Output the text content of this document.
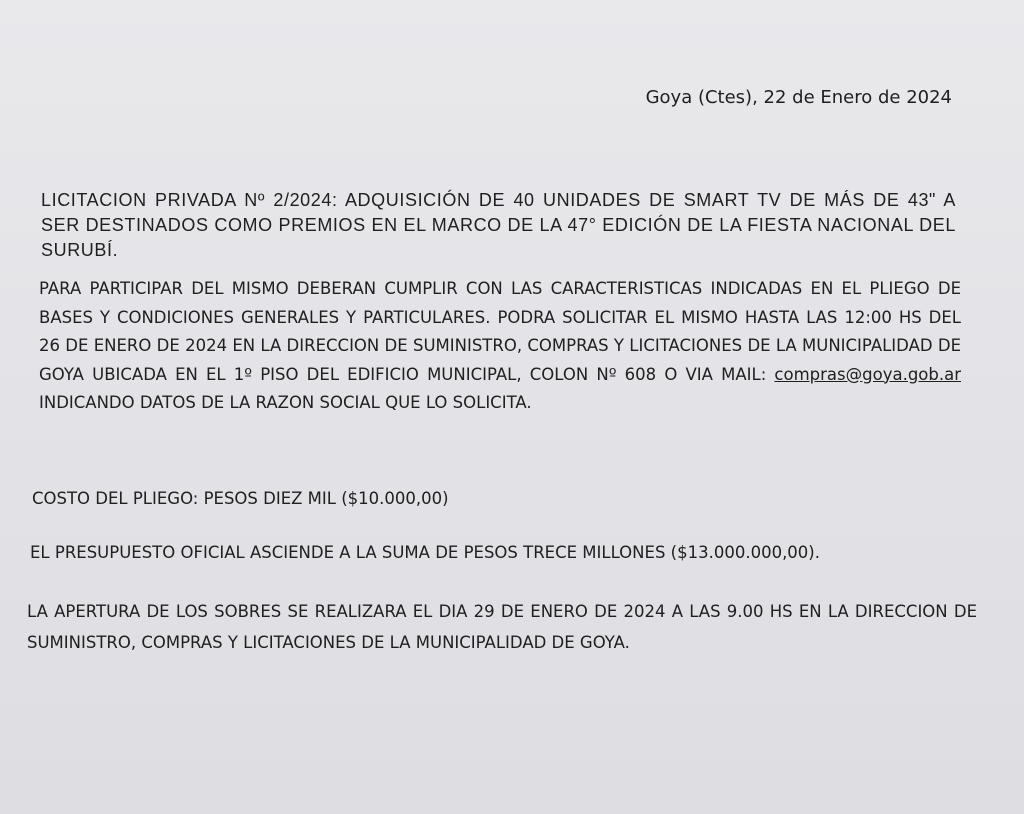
Goya (Ctes), 22 de Enero de 2024
LICITACION PRIVADA Nº 2/2024: ADQUISICIÓN DE 40 UNIDADES DE SMART TV DE MÁS DE 43" A SER DESTINADOS COMO PREMIOS EN EL MARCO DE LA 47° EDICIÓN DE LA FIESTA NACIONAL DEL SURUBÍ.
PARA PARTICIPAR DEL MISMO DEBERAN CUMPLIR CON LAS CARACTERISTICAS INDICADAS EN EL PLIEGO DE BASES Y CONDICIONES GENERALES Y PARTICULARES. PODRA SOLICITAR EL MISMO HASTA LAS 12:00 HS DEL 26 DE ENERO DE 2024 EN LA DIRECCION DE SUMINISTRO, COMPRAS Y LICITACIONES DE LA MUNICIPALIDAD DE GOYA UBICADA EN EL 1º PISO DEL EDIFICIO MUNICIPAL, COLON Nº 608 O VIA MAIL: compras@goya.gob.ar  INDICANDO DATOS DE LA RAZON SOCIAL QUE LO SOLICITA.
COSTO DEL PLIEGO: PESOS DIEZ MIL ($10.000,00)
EL PRESUPUESTO OFICIAL ASCIENDE A LA SUMA DE PESOS TRECE MILLONES ($13.000.000,00).
LA APERTURA DE LOS SOBRES SE REALIZARA EL DIA 29 DE ENERO DE 2024 A LAS 9.00 HS EN LA DIRECCION DE SUMINISTRO, COMPRAS Y LICITACIONES DE LA MUNICIPALIDAD DE GOYA.
